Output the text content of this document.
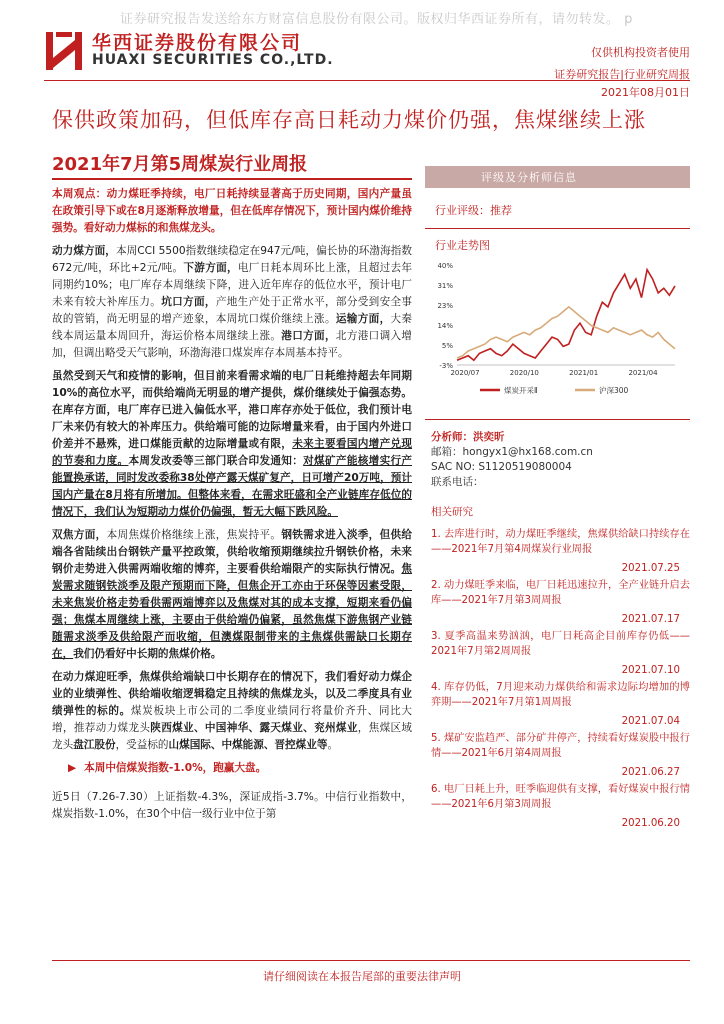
证券研究报告发送给东方财富信息股份有限公司。版权归华西证券所有，请勿转发。 p
华西证券股份有限公司
HUAXI SECURITIES CO.,LTD.	仅供机构投资者使用
证券研究报告|行业研究周报
2021年08月01日
保供政策加码，但低库存高日耗动力煤价仍强，焦煤继续上涨
2021年7月第5周煤炭行业周报

本周观点：动力煤旺季持续，电厂日耗持续显著高于历史同期，国内产量虽在政策引导下或在8月逐渐释放增量，但在低库存情况下，预计国内煤价维持强势。看好动力煤标的和焦煤龙头。

动力煤方面，本周CCI 5500指数继续稳定在947元/吨，偏长协的环渤海指数672元/吨，环比+2元/吨。下游方面，电厂日耗本周环比上涨，且超过去年同期约10%；电厂库存本周继续下降，进入近年库存的低位水平，预计电厂未来有较大补库压力。坑口方面，产地生产处于正常水平，部分受到安全事故的管销，尚无明显的增产迹象，本周坑口煤价继续上涨。运输方面，大秦线本周运量本周回升，海运价格本周继续上涨。港口方面，北方港口调入增加，但调出略受天气影响，环渤海港口煤炭库存本周基本持平。

虽然受到天气和疫情的影响，但目前来看需求端的电厂日耗维持超去年同期10%的高位水平，而供给端尚无明显的增产提供，煤价继续处于偏强态势。在库存方面，电厂库存已进入偏低水平，港口库存亦处于低位，我们预计电厂未来仍有较大的补库压力。供给端可能的边际增量来看，由于国内外进口价差并不悬殊，进口煤能贡献的边际增量或有限，未来主要看国内增产兑现的节奏和力度。本周发改委等三部门联合印发通知：对煤矿产能核增实行产能置换承诺，同时发改委称38处停产露天煤矿复产，日可增产20万吨，预计国内产量在8月将有所增加。但整体来看，在需求旺盛和全产业链库存低位的情况下，我们认为短期动力煤价仍偏强，暂无大幅下跌风险。

双焦方面，本周焦煤价格继续上涨，焦炭持平。钢铁需求进入淡季，但供给端各省陆续出台钢铁产量平控政策，供给收缩预期继续拉升钢铁价格，未来钢价走势进入供需两端收缩的博弈，主要看供给端限产的实际执行情况。焦炭需求随钢铁淡季及限产预期而下降，但焦企开工亦由于环保等因素受限，未来焦炭价格走势看供需两端博弈以及焦煤对其的成本支撑，短期来看仍偏强；焦煤本周继续上涨，主要由于供给端仍偏紧，虽然焦煤下游焦钢产业链随需求淡季及供给限产而收缩，但澳煤限制带来的主焦煤供需缺口长期存在，我们仍看好中长期的焦煤价格。

在动力煤迎旺季，焦煤供给端缺口中长期存在的情况下，我们看好动力煤企业的业绩弹性、供给端收缩逻辑稳定且持续的焦煤龙头，以及二季度具有业绩弹性的标的。煤炭板块上市公司的二季度业绩同行将量价齐升、同比大增，推荐动力煤龙头陕西煤业、中国神华、露天煤业、兖州煤业，焦煤区域龙头盘江股份，受益标的山煤国际、中煤能源、晋控煤业等。

▶ 本周中信煤炭指数-1.0%，跑赢大盘。

近5日（7.26-7.30）上证指数-4.3%，深证成指-3.7%。中信行业指数中，煤炭指数-1.0%，在30个中信一级行业中位于第

评级及分析师信息
行业评级：推荐
行业走势图
40%
31%
23%
14%
5%
-3%
2020/07	2020/10	2021/01	2021/04
煤炭开采Ⅱ	沪深300
分析师：洪奕昕
邮箱：hongyx1@hx168.com.cn
SAC NO: S1120519080004
联系电话：
相关研究
1. 去库进行时，动力煤旺季继续，焦煤供给缺口持续存在——2021年7月第4周煤炭行业周报
2021.07.25
2. 动力煤旺季来临，电厂日耗迅速拉升，全产业链升启去库——2021年7月第3周周报
2021.07.17
3. 夏季高温来势汹汹，电厂日耗高企目前库存仍低——2021年7月第2周周报
2021.07.10
4. 库存仍低，7月迎来动力煤供给和需求边际均增加的博弈期——2021年7月第1周周报
2021.07.04
5. 煤矿安监趋严、部分矿井停产，持续看好煤炭股中报行情——2021年6月第4周周报
2021.06.27
6. 电厂日耗上升，旺季临迎供有支撑，看好煤炭中报行情——2021年6月第3周周报
2021.06.20
请仔细阅读在本报告尾部的重要法律声明
